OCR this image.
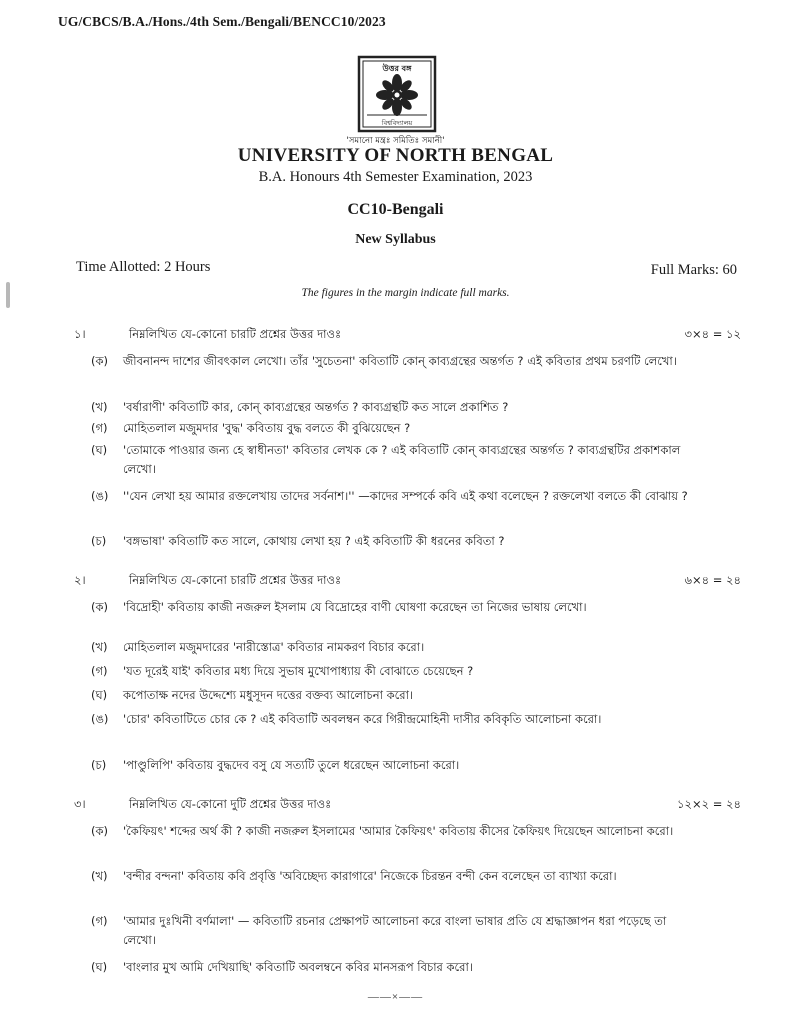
UG/CBCS/B.A./Hons./4th Sem./Bengali/BENCC10/2023
উত্তর বঙ্গ
বিশ্ববিদ্যালয়
'সমানো মন্ত্রঃ সমিতিঃ সমানী'
UNIVERSITY OF NORTH BENGAL
B.A. Honours 4th Semester Examination, 2023
CC10-Bengali
New Syllabus
Time Allotted: 2 Hours	Full Marks: 60
The figures in the margin indicate full marks.
১।	নিম্নলিখিত যে-কোনো চারটি প্রশ্নের উত্তর দাওঃ	৩×৪ = ১২
(ক) জীবনানন্দ দাশের জীবৎকাল লেখো। তাঁর 'সুচেতনা' কবিতাটি কোন্ কাব্যগ্রন্থের অন্তর্গত ? এই কবিতার প্রথম চরণটি লেখো।
(খ) 'বর্ষারাণী' কবিতাটি কার, কোন্ কাব্যগ্রন্থের অন্তর্গত ? কাব্যগ্রন্থটি কত সালে প্রকাশিত ?
(গ) মোহিতলাল মজুমদার 'বুদ্ধ' কবিতায় বুদ্ধ বলতে কী বুঝিয়েছেন ?
(ঘ) 'তোমাকে পাওয়ার জন্য হে স্বাধীনতা' কবিতার লেখক কে ? এই কবিতাটি কোন্ কাব্যগ্রন্থের অন্তর্গত ? কাব্যগ্রন্থটির প্রকাশকাল লেখো।
(ঙ) ''যেন লেখা হয় আমার রক্তলেখায় তাদের সর্বনাশ।'' —কাদের সম্পর্কে কবি এই কথা বলেছেন ? রক্তলেখা বলতে কী বোঝায় ?
(চ) 'বঙ্গভাষা' কবিতাটি কত সালে, কোথায় লেখা হয় ? এই কবিতাটি কী ধরনের কবিতা ?
২।	নিম্নলিখিত যে-কোনো চারটি প্রশ্নের উত্তর দাওঃ	৬×৪ = ২৪
(ক) 'বিদ্রোহী' কবিতায় কাজী নজরুল ইসলাম যে বিদ্রোহের বাণী ঘোষণা করেছেন তা নিজের ভাষায় লেখো।
(খ) মোহিতলাল মজুমদারের 'নারীস্তোত্র' কবিতার নামকরণ বিচার করো।
(গ) 'যত দূরেই যাই' কবিতার মধ্য দিয়ে সুভাষ মুখোপাধ্যায় কী বোঝাতে চেয়েছেন ?
(ঘ) কপোতাক্ষ নদের উদ্দেশ্যে মধুসূদন দত্তের বক্তব্য আলোচনা করো।
(ঙ) 'চোর' কবিতাটিতে চোর কে ? এই কবিতাটি অবলম্বন করে গিরীন্দ্রমোহিনী দাসীর কবিকৃতি আলোচনা করো।
(চ) 'পাণ্ডুলিপি' কবিতায় বুদ্ধদেব বসু যে সত্যটি তুলে ধরেছেন আলোচনা করো।
৩।	নিম্নলিখিত যে-কোনো দুটি প্রশ্নের উত্তর দাওঃ	১২×২ = ২৪
(ক) 'কৈফিয়ৎ' শব্দের অর্থ কী ? কাজী নজরুল ইসলামের 'আমার কৈফিয়ৎ' কবিতায় কীসের কৈফিয়ৎ দিয়েছেন আলোচনা করো।
(খ) 'বন্দীর বন্দনা' কবিতায় কবি প্রবৃত্তি 'অবিচ্ছেদ্য কারাগারে' নিজেকে চিরন্তন বন্দী কেন বলেছেন তা ব্যাখ্যা করো।
(গ) 'আমার দুঃখিনী বর্ণমালা' — কবিতাটি রচনার প্রেক্ষাপট আলোচনা করে বাংলা ভাষার প্রতি যে শ্রদ্ধাজ্ঞাপন ধরা পড়েছে তা লেখো।
(ঘ) 'বাংলার মুখ আমি দেখিয়াছি' কবিতাটি অবলম্বনে কবির মানসরূপ বিচার করো।
——×——
